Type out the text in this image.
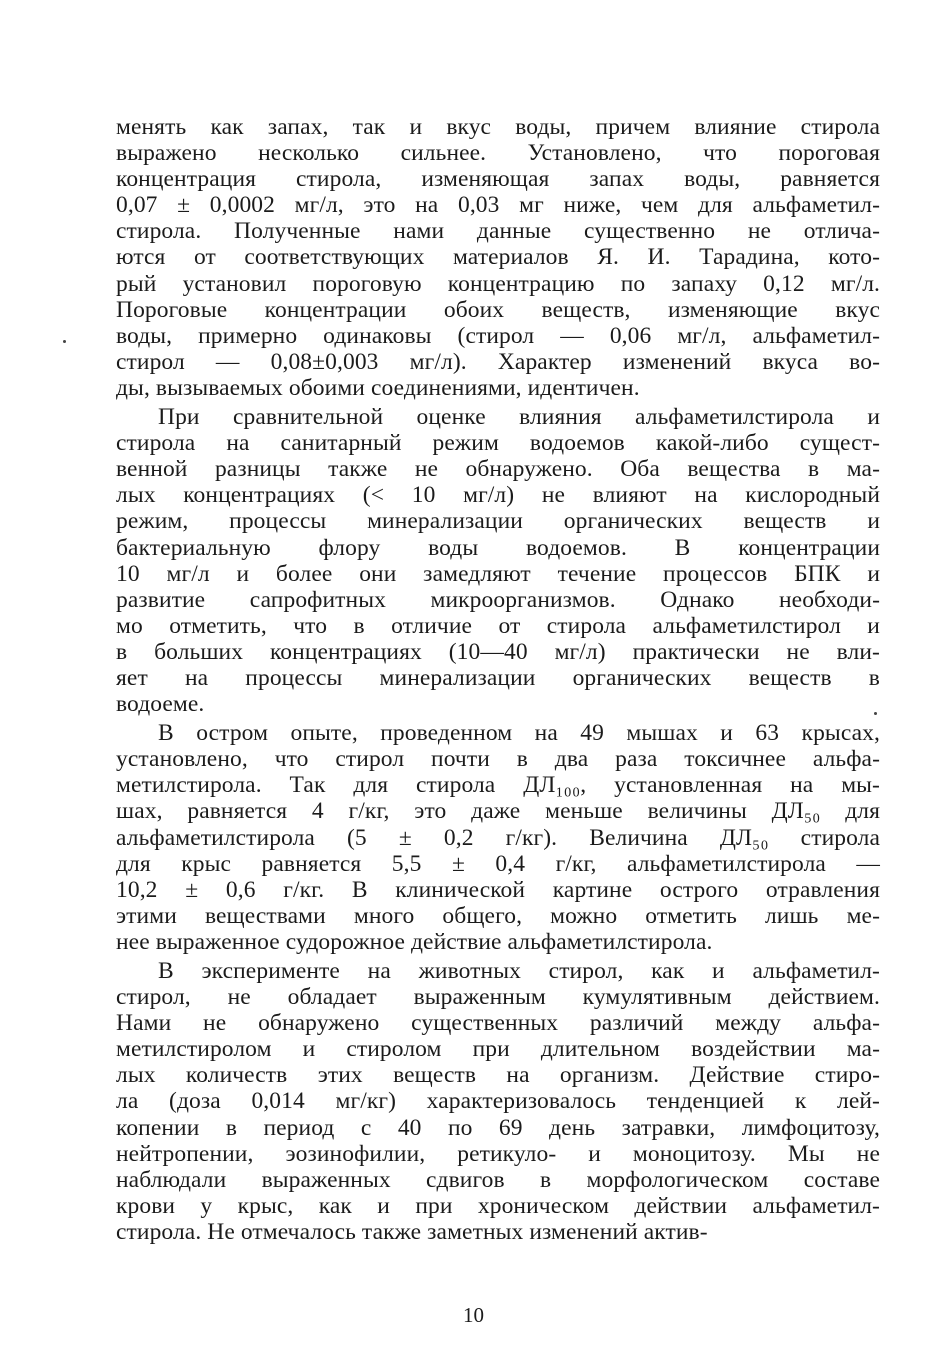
менять как запах, так и вкус воды, причем влияние стирола
выражено несколько сильнее. Установлено, что пороговая
концентрация стирола, изменяющая запах воды, равняется
0,07 ± 0,0002 мг/л, это на 0,03 мг ниже, чем для альфаметил-
стирола. Полученные нами данные существенно не отлича-
ются от соответствующих материалов Я. И. Тарадина, кото-
рый установил пороговую концентрацию по запаху 0,12 мг/л.
Пороговые концентрации обоих веществ, изменяющие вкус
воды, примерно одинаковы (стирол — 0,06 мг/л, альфаметил-
стирол — 0,08±0,003 мг/л). Характер изменений вкуса во-
ды, вызываемых обоими соединениями, идентичен.
При сравнительной оценке влияния альфаметилстирола и
стирола на санитарный режим водоемов какой-либо сущест-
венной разницы также не обнаружено. Оба вещества в ма-
лых концентрациях (< 10 мг/л) не влияют на кислородный
режим, процессы минерализации органических веществ и
бактериальную флору воды водоемов. В концентрации
10 мг/л и более они замедляют течение процессов БПК и
развитие сапрофитных микроорганизмов. Однако необходи-
мо отметить, что в отличие от стирола альфаметилстирол и
в больших концентрациях (10—40 мг/л) практически не вли-
яет на процессы минерализации органических веществ в
водоеме.
В остром опыте, проведенном на 49 мышах и 63 крысах,
установлено, что стирол почти в два раза токсичнее альфа-
метилстирола. Так для стирола ДЛ₁₀₀, установленная на мы-
шах, равняется 4 г/кг, это даже меньше величины ДЛ₅₀ для
альфаметилстирола (5 ± 0,2 г/кг). Величина ДЛ₅₀ стирола
для крыс равняется 5,5 ± 0,4 г/кг, альфаметилстирола —
10,2 ± 0,6 г/кг. В клинической картине острого отравления
этими веществами много общего, можно отметить лишь ме-
нее выраженное судорожное действие альфаметилстирола.
В эксперименте на животных стирол, как и альфаметил-
стирол, не обладает выраженным кумулятивным действием.
Нами не обнаружено существенных различий между альфа-
метилстиролом и стиролом при длительном воздействии ма-
лых количеств этих веществ на организм. Действие стиро-
ла (доза 0,014 мг/кг) характеризовалось тенденцией к лей-
копении в период с 40 по 69 день затравки, лимфоцитозу,
нейтропении, эозинофилии, ретикуло- и моноцитозу. Мы не
наблюдали выраженных сдвигов в морфологическом составе
крови у крыс, как и при хроническом действии альфаметил-
стирола. Не отмечалось также заметных изменений актив-
10
